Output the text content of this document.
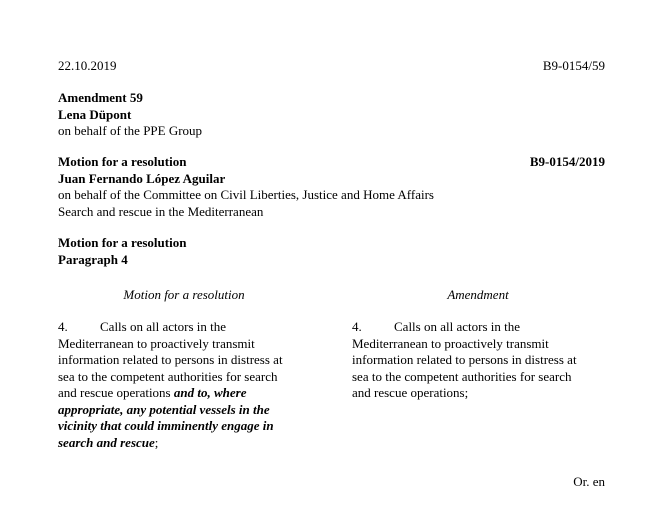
22.10.2019	B9-0154/59
Amendment 59
Lena Düpont
on behalf of the PPE Group
Motion for a resolution
Juan Fernando López Aguilar
on behalf of the Committee on Civil Liberties, Justice and Home Affairs
Search and rescue in the Mediterranean
B9-0154/2019
Motion for a resolution
Paragraph 4
Motion for a resolution	Amendment
4. Calls on all actors in the
Mediterranean to proactively transmit
information related to persons in distress at
sea to the competent authorities for search
and rescue operations and to, where
appropriate, any potential vessels in the
vicinity that could imminently engage in
search and rescue;
4. Calls on all actors in the
Mediterranean to proactively transmit
information related to persons in distress at
sea to the competent authorities for search
and rescue operations;
Or. en
